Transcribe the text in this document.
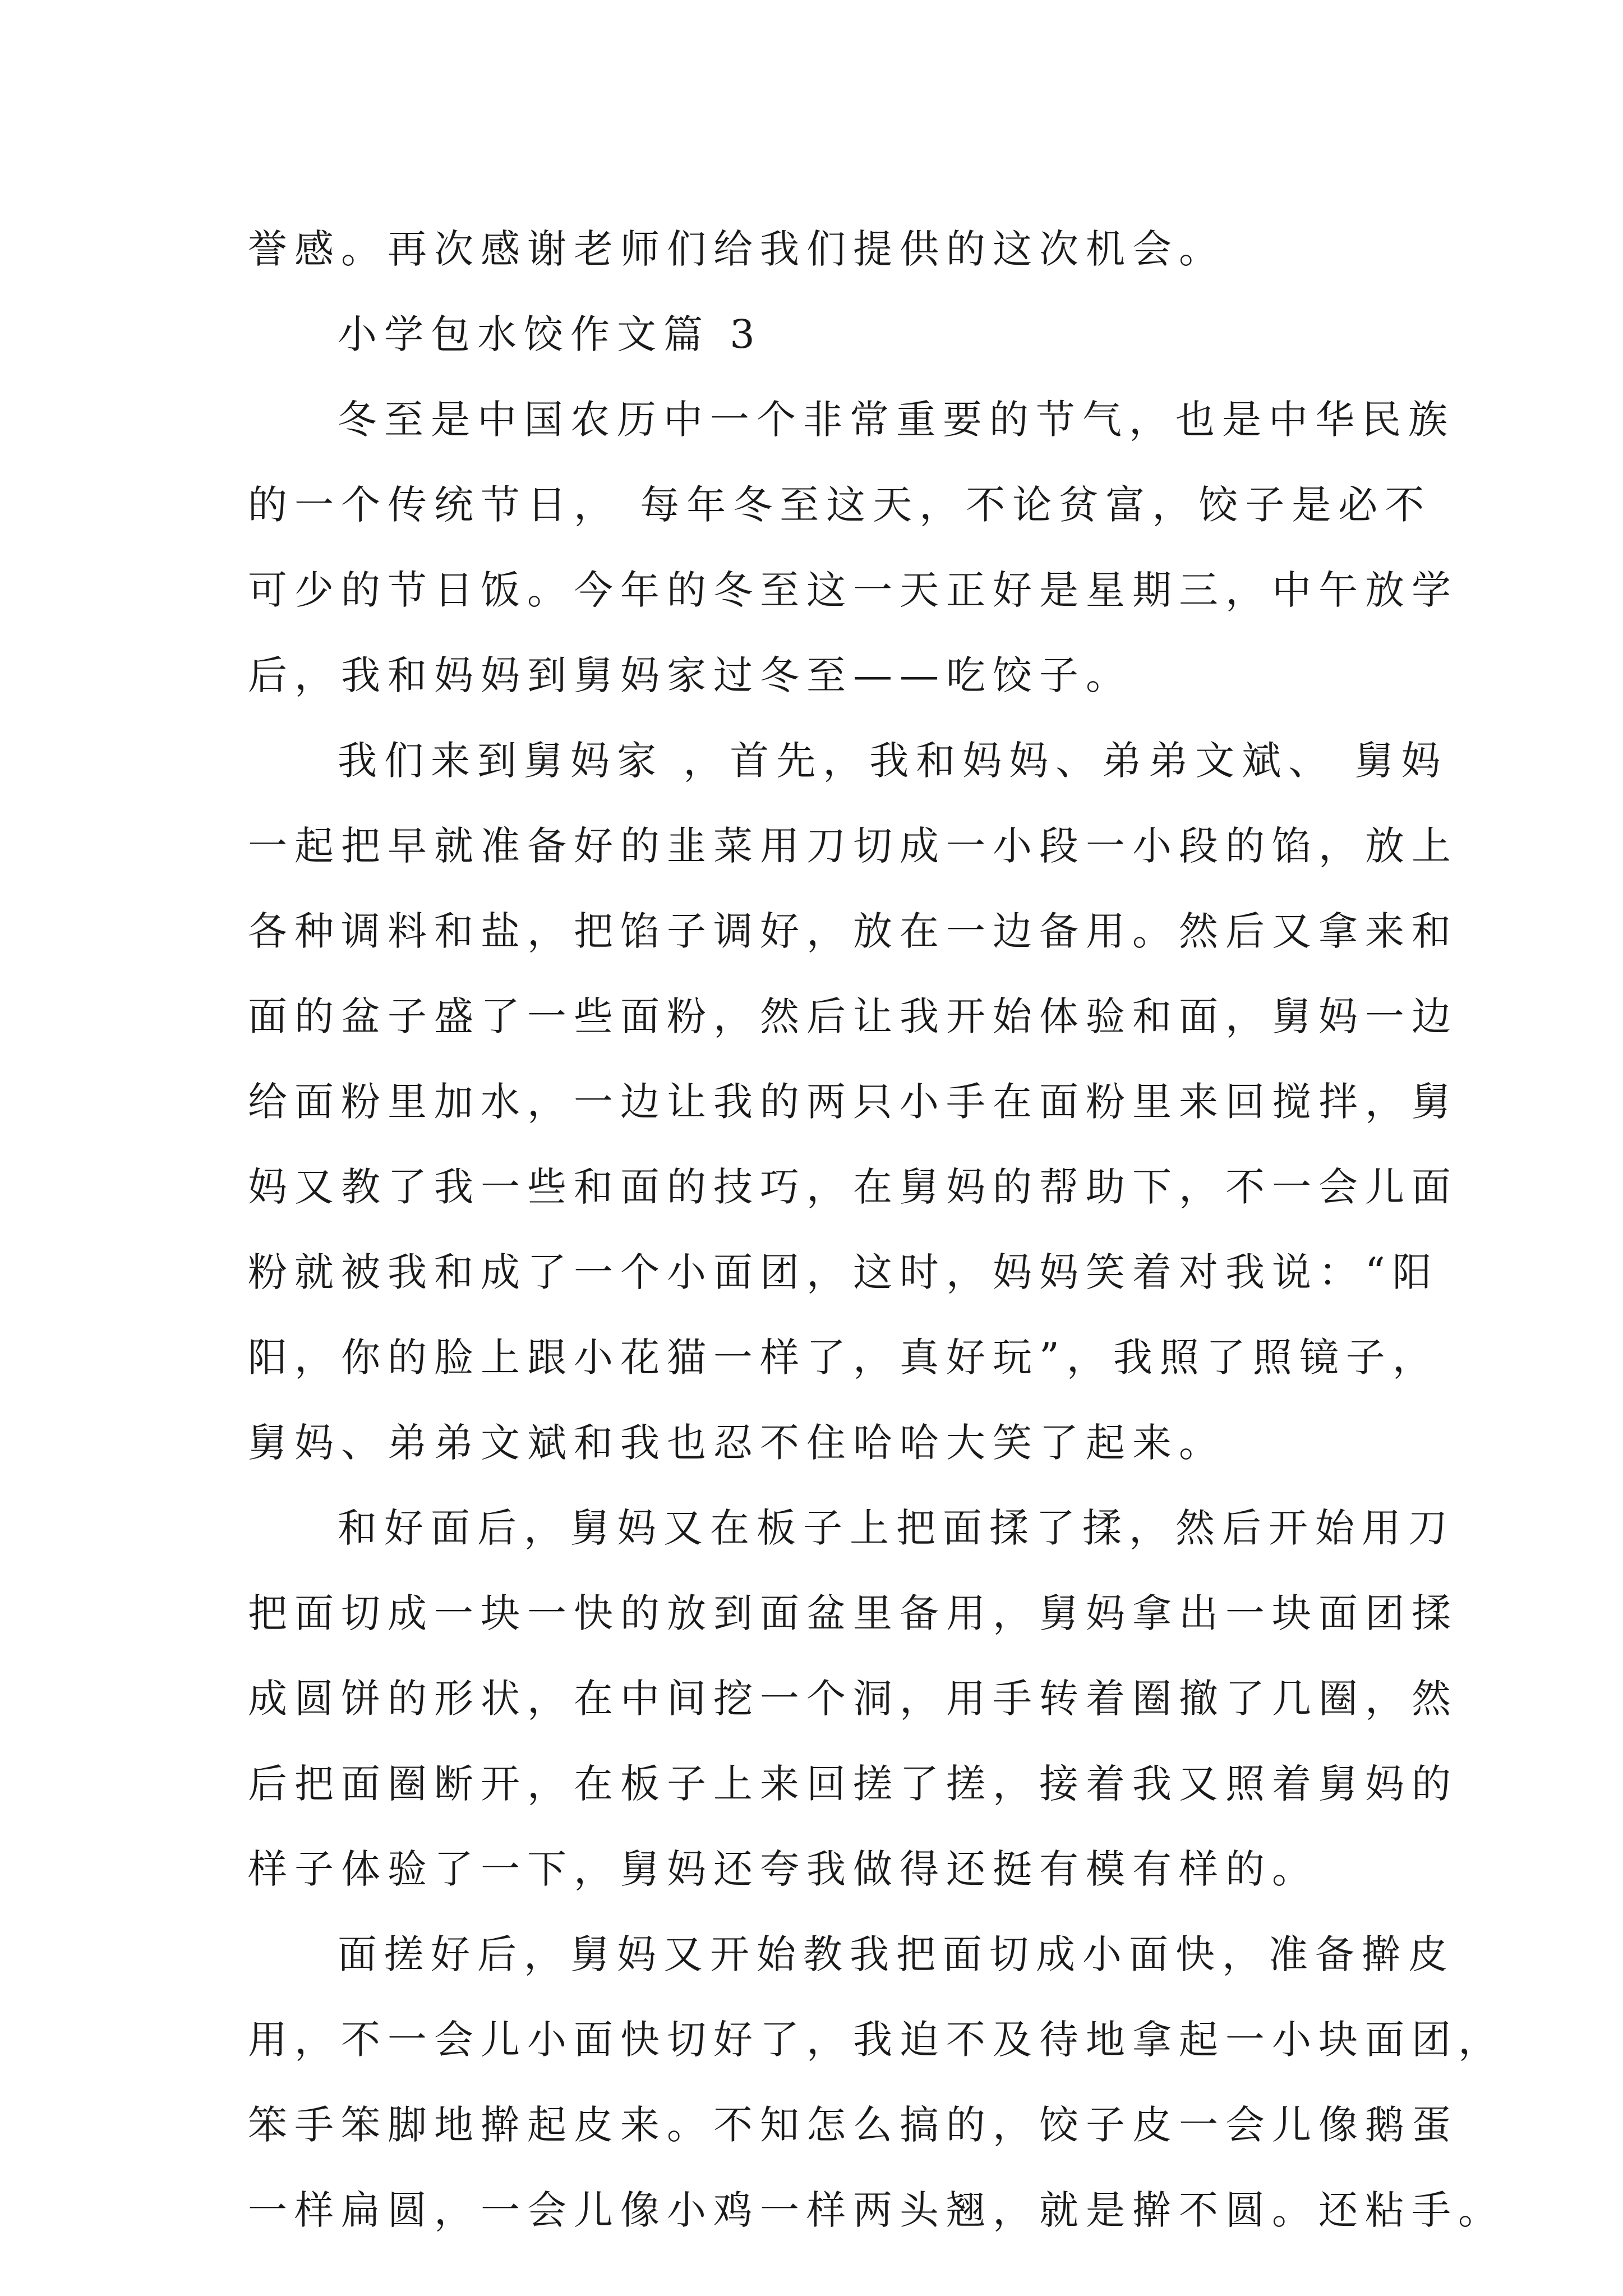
誉感。再次感谢老师们给我们提供的这次机会。
小学包水饺作文篇 3
冬至是中国农历中一个非常重要的节气，也是中华民族
的一个传统节日， 每年冬至这天，不论贫富，饺子是必不
可少的节日饭。今年的冬至这一天正好是星期三，中午放学
后，我和妈妈到舅妈家过冬至——吃饺子。
我们来到舅妈家 ，首先，我和妈妈、弟弟文斌、 舅妈
一起把早就准备好的韭菜用刀切成一小段一小段的馅，放上
各种调料和盐，把馅子调好，放在一边备用。然后又拿来和
面的盆子盛了一些面粉，然后让我开始体验和面，舅妈一边
给面粉里加水，一边让我的两只小手在面粉里来回搅拌，舅
妈又教了我一些和面的技巧，在舅妈的帮助下，不一会儿面
粉就被我和成了一个小面团，这时，妈妈笑着对我说：“阳
阳，你的脸上跟小花猫一样了，真好玩”，我照了照镜子，
舅妈、弟弟文斌和我也忍不住哈哈大笑了起来。
和好面后，舅妈又在板子上把面揉了揉，然后开始用刀
把面切成一块一快的放到面盆里备用，舅妈拿出一块面团揉
成圆饼的形状，在中间挖一个洞，用手转着圈撤了几圈，然
后把面圈断开，在板子上来回搓了搓，接着我又照着舅妈的
样子体验了一下，舅妈还夸我做得还挺有模有样的。
面搓好后，舅妈又开始教我把面切成小面快，准备擀皮
用，不一会儿小面快切好了，我迫不及待地拿起一小块面团，
笨手笨脚地擀起皮来。不知怎么搞的，饺子皮一会儿像鹅蛋
一样扁圆，一会儿像小鸡一样两头翘，就是擀不圆。还粘手。
